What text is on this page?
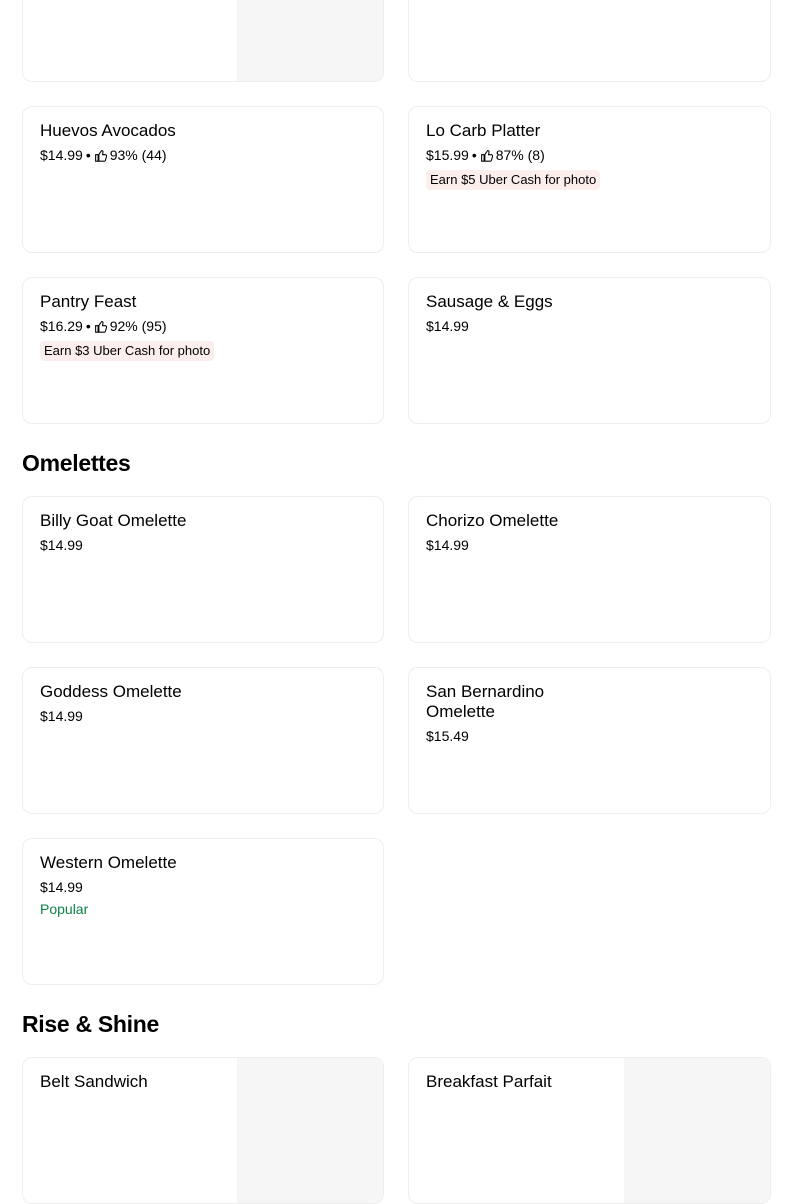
Huevos Avocados
$14.99 • 93% (44)
Lo Carb Platter
$15.99 • 87% (8)
Earn $5 Uber Cash for photo
Pantry Feast
$16.29 • 92% (95)
Earn $3 Uber Cash for photo
Sausage & Eggs
$14.99
Omelettes
Billy Goat Omelette
$14.99
Chorizo Omelette
$14.99
Goddess Omelette
$14.99
San Bernardino Omelette
$15.49
Western Omelette
$14.99
Popular
Rise & Shine
Belt Sandwich	Breakfast Parfait
